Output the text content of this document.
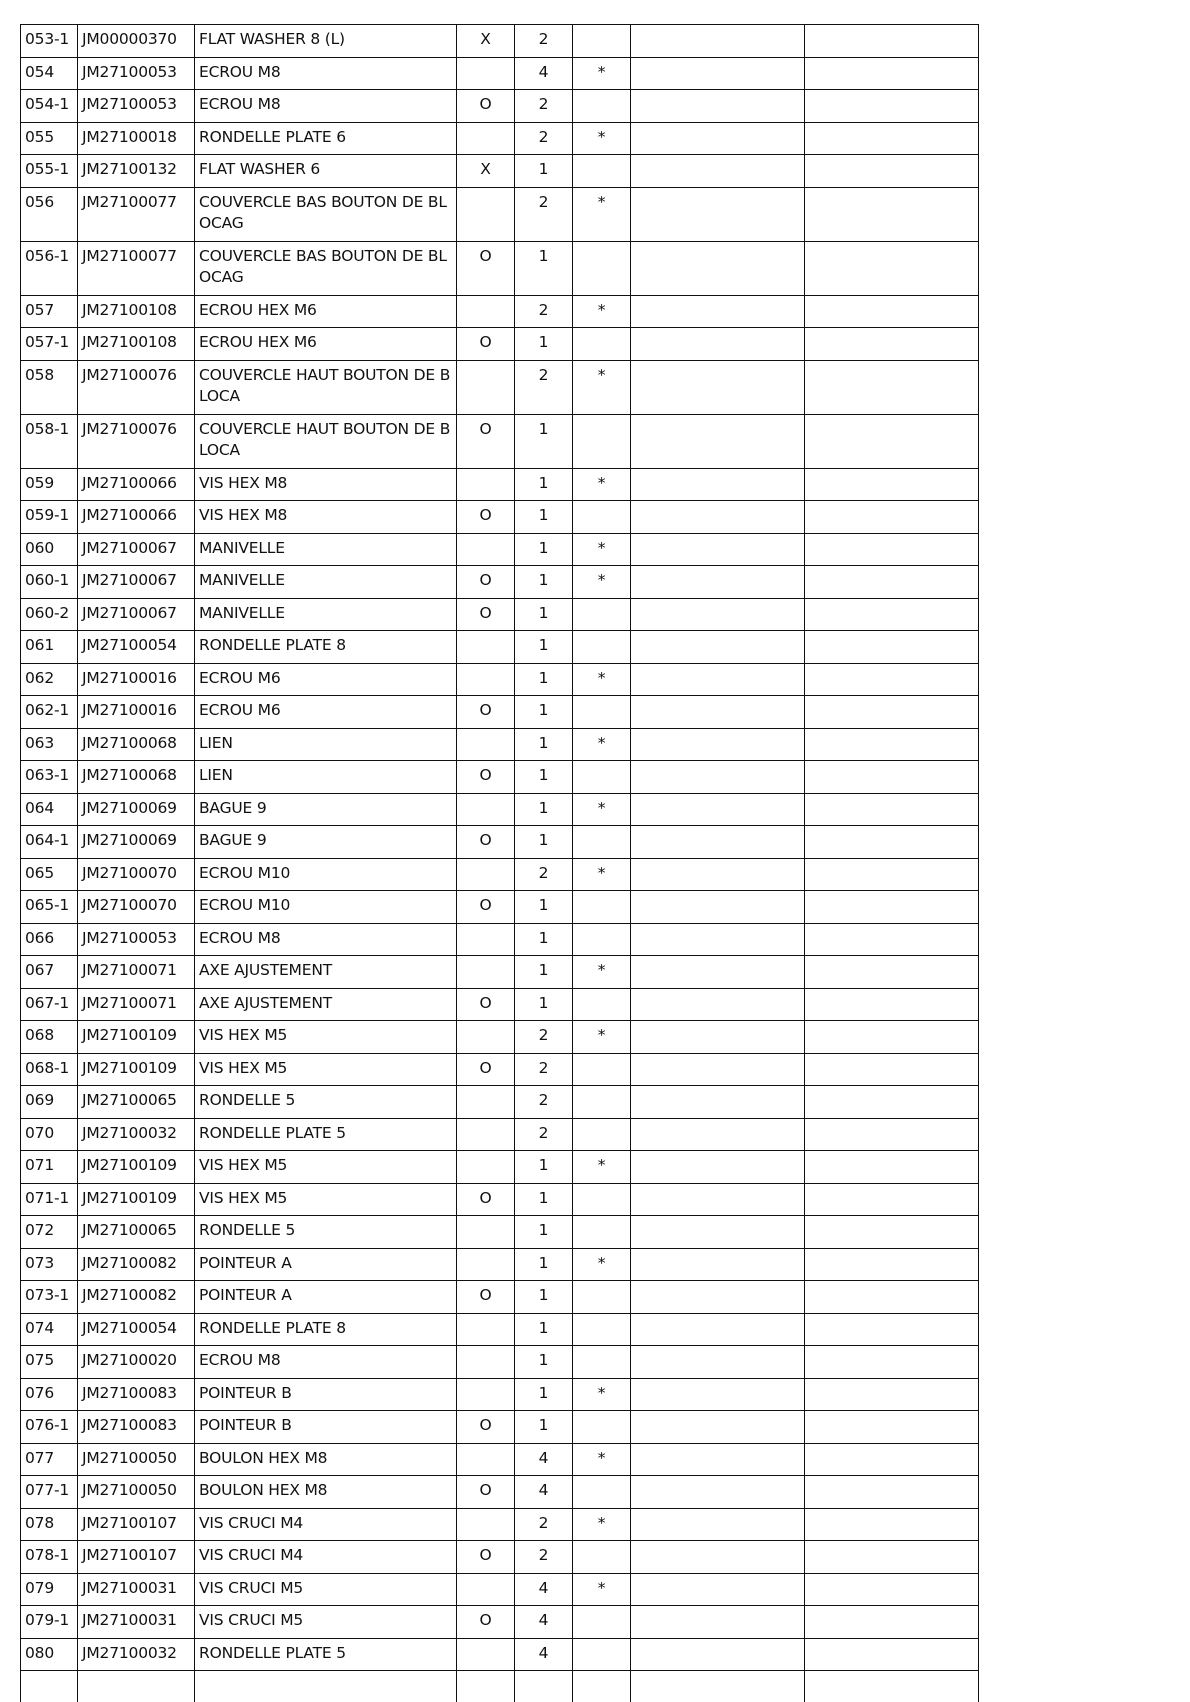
053-1	JM00000370	FLAT WASHER 8 (L)	X	2			
054	JM27100053	ECROU M8		4	*		
054-1	JM27100053	ECROU M8	O	2			
055	JM27100018	RONDELLE PLATE 6		2	*		
055-1	JM27100132	FLAT WASHER 6	X	1			
056	JM27100077	COUVERCLE BAS BOUTON DE BL OCAG		2	*		
056-1	JM27100077	COUVERCLE BAS BOUTON DE BL OCAG	O	1			
057	JM27100108	ECROU HEX M6		2	*		
057-1	JM27100108	ECROU HEX M6	O	1			
058	JM27100076	COUVERCLE HAUT BOUTON DE B LOCA		2	*		
058-1	JM27100076	COUVERCLE HAUT BOUTON DE B LOCA	O	1			
059	JM27100066	VIS HEX M8		1	*		
059-1	JM27100066	VIS HEX M8	O	1			
060	JM27100067	MANIVELLE		1	*		
060-1	JM27100067	MANIVELLE	O	1	*		
060-2	JM27100067	MANIVELLE	O	1			
061	JM27100054	RONDELLE PLATE 8		1			
062	JM27100016	ECROU M6		1	*		
062-1	JM27100016	ECROU M6	O	1			
063	JM27100068	LIEN		1	*		
063-1	JM27100068	LIEN	O	1			
064	JM27100069	BAGUE 9		1	*		
064-1	JM27100069	BAGUE 9	O	1			
065	JM27100070	ECROU M10		2	*		
065-1	JM27100070	ECROU M10	O	1			
066	JM27100053	ECROU M8		1			
067	JM27100071	AXE AJUSTEMENT		1	*		
067-1	JM27100071	AXE AJUSTEMENT	O	1			
068	JM27100109	VIS HEX M5		2	*		
068-1	JM27100109	VIS HEX M5	O	2			
069	JM27100065	RONDELLE 5		2			
070	JM27100032	RONDELLE PLATE 5		2			
071	JM27100109	VIS HEX M5		1	*		
071-1	JM27100109	VIS HEX M5	O	1			
072	JM27100065	RONDELLE 5		1			
073	JM27100082	POINTEUR A		1	*		
073-1	JM27100082	POINTEUR A	O	1			
074	JM27100054	RONDELLE PLATE 8		1			
075	JM27100020	ECROU M8		1			
076	JM27100083	POINTEUR B		1	*		
076-1	JM27100083	POINTEUR B	O	1			
077	JM27100050	BOULON HEX M8		4	*		
077-1	JM27100050	BOULON HEX M8	O	4			
078	JM27100107	VIS CRUCI M4		2	*		
078-1	JM27100107	VIS CRUCI M4	O	2			
079	JM27100031	VIS CRUCI M5		4	*		
079-1	JM27100031	VIS CRUCI M5	O	4			
080	JM27100032	RONDELLE PLATE 5		4			
